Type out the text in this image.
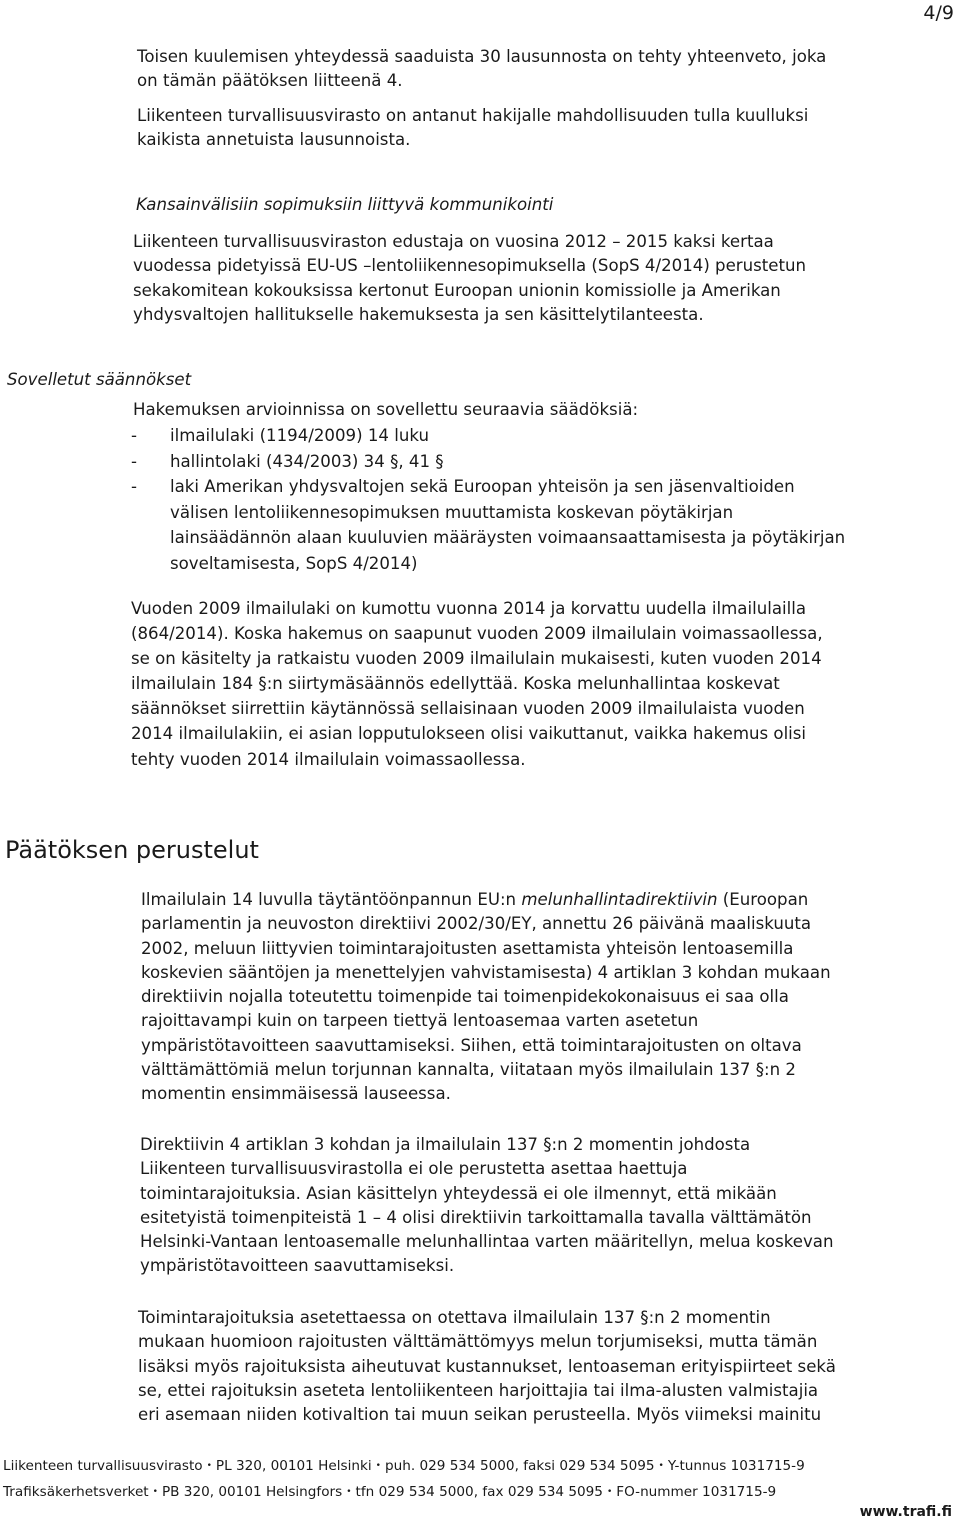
4/9

Toisen kuulemisen yhteydessä saaduista 30 lausunnosta on tehty yhteenveto, joka
on tämän päätöksen liitteenä 4.

Liikenteen turvallisuusvirasto on antanut hakijalle mahdollisuuden tulla kuulluksi
kaikista annetuista lausunnoista.

Kansainvälisiin sopimuksiin liittyvä kommunikointi

Liikenteen turvallisuusviraston edustaja on vuosina 2012 – 2015 kaksi kertaa
vuodessa pidetyissä EU-US –lentoliikennesopimuksella (SopS 4/2014) perustetun
sekakomitean kokouksissa kertonut Euroopan unionin komissiolle ja Amerikan
yhdysvaltojen hallitukselle hakemuksesta ja sen käsittelytilanteesta.

Sovelletut säännökset

Hakemuksen arvioinnissa on sovellettu seuraavia säädöksiä:

- ilmailulaki (1194/2009) 14 luku
- hallintolaki (434/2003) 34 §, 41 §
- laki Amerikan yhdysvaltojen sekä Euroopan yhteisön ja sen jäsenvaltioiden
välisen lentoliikennesopimuksen muuttamista koskevan pöytäkirjan
lainsäädännön alaan kuuluvien määräysten voimaansaattamisesta ja pöytäkirjan
soveltamisesta, SopS 4/2014)

Vuoden 2009 ilmailulaki on kumottu vuonna 2014 ja korvattu uudella ilmailulailla
(864/2014). Koska hakemus on saapunut vuoden 2009 ilmailulain voimassaollessa,
se on käsitelty ja ratkaistu vuoden 2009 ilmailulain mukaisesti, kuten vuoden 2014
ilmailulain 184 §:n siirtymäsäännös edellyttää. Koska melunhallintaa koskevat
säännökset siirrettiin käytännössä sellaisinaan vuoden 2009 ilmailulaista vuoden
2014 ilmailulakiin, ei asian lopputulokseen olisi vaikuttanut, vaikka hakemus olisi
tehty vuoden 2014 ilmailulain voimassaollessa.

Päätöksen perustelut

Ilmailulain 14 luvulla täytäntöönpannun EU:n melunhallintadirektiivin (Euroopan
parlamentin ja neuvoston direktiivi 2002/30/EY, annettu 26 päivänä maaliskuuta
2002, meluun liittyvien toimintarajoitusten asettamista yhteisön lentoasemilla
koskevien sääntöjen ja menettelyjen vahvistamisesta) 4 artiklan 3 kohdan mukaan
direktiivin nojalla toteutettu toimenpide tai toimenpidekokonaisuus ei saa olla
rajoittavampi kuin on tarpeen tiettyä lentoasemaa varten asetetun
ympäristötavoitteen saavuttamiseksi. Siihen, että toimintarajoitusten on oltava
välttämättömiä melun torjunnan kannalta, viitataan myös ilmailulain 137 §:n 2
momentin ensimmäisessä lauseessa.

Direktiivin 4 artiklan 3 kohdan ja ilmailulain 137 §:n 2 momentin johdosta
Liikenteen turvallisuusvirastolla ei ole perustetta asettaa haettuja
toimintarajoituksia. Asian käsittelyn yhteydessä ei ole ilmennyt, että mikään
esitetyistä toimenpiteistä 1 – 4 olisi direktiivin tarkoittamalla tavalla välttämätön
Helsinki-Vantaan lentoasemalle melunhallintaa varten määritellyn, melua koskevan
ympäristötavoitteen saavuttamiseksi.

Toimintarajoituksia asetettaessa on otettava ilmailulain 137 §:n 2 momentin
mukaan huomioon rajoitusten välttämättömyys melun torjumiseksi, mutta tämän
lisäksi myös rajoituksista aiheutuvat kustannukset, lentoaseman erityispiirteet sekä
se, ettei rajoituksin aseteta lentoliikenteen harjoittajia tai ilma-alusten valmistajia
eri asemaan niiden kotivaltion tai muun seikan perusteella. Myös viimeksi mainitu

Liikenteen turvallisuusvirasto • PL 320, 00101 Helsinki • puh. 029 534 5000, faksi 029 534 5095 • Y-tunnus 1031715-9
Trafiksäkerhetsverket • PB 320, 00101 Helsingfors • tfn 029 534 5000, fax 029 534 5095 • FO-nummer 1031715-9
www.trafi.fi
